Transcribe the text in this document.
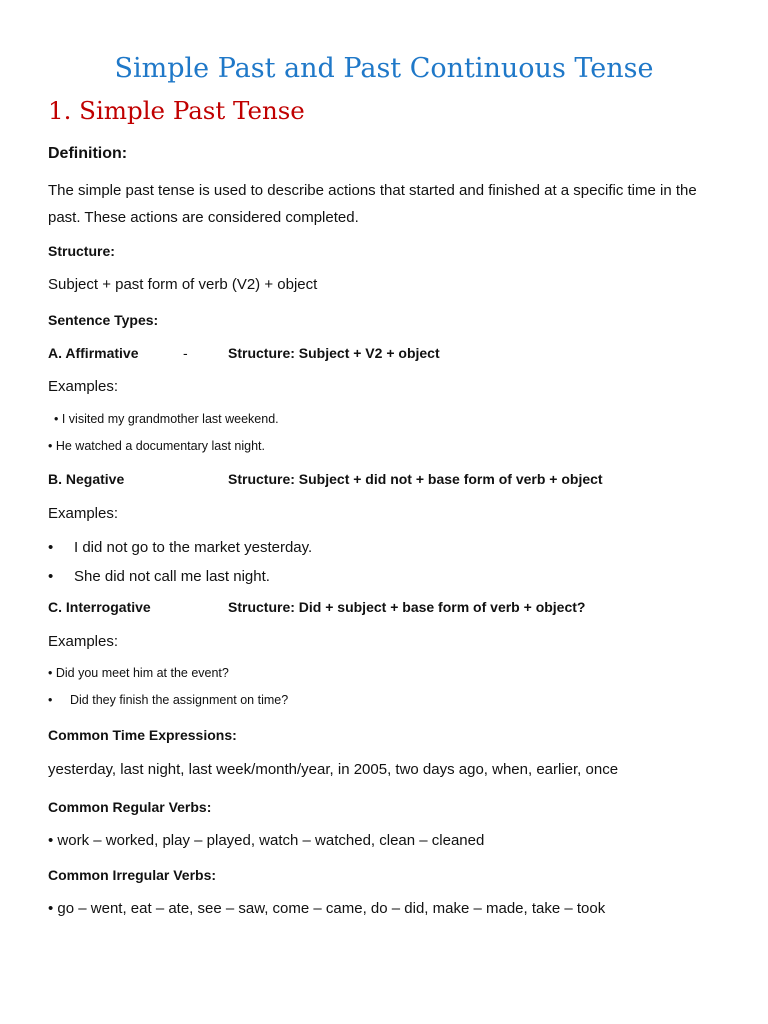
Simple Past and Past Continuous Tense
1. Simple Past Tense
Definition:
The simple past tense is used to describe actions that started and finished at a specific time in the past. These actions are considered completed.
Structure:
Subject + past form of verb (V2) + object
Sentence Types:
A. Affirmative	-	Structure: Subject + V2 + object
Examples:
• I visited my grandmother last weekend.
• He watched a documentary last night.
B. Negative	Structure: Subject + did not + base form of verb + object
Examples:
• I did not go to the market yesterday.
• She did not call me last night.
C. Interrogative	Structure: Did + subject + base form of verb + object?
Examples:
• Did you meet him at the event?
• Did they finish the assignment on time?
Common Time Expressions:
yesterday, last night, last week/month/year, in 2005, two days ago, when, earlier, once
Common Regular Verbs:
• work – worked, play – played, watch – watched, clean – cleaned
Common Irregular Verbs:
• go – went, eat – ate, see – saw, come – came, do – did, make – made, take – took
